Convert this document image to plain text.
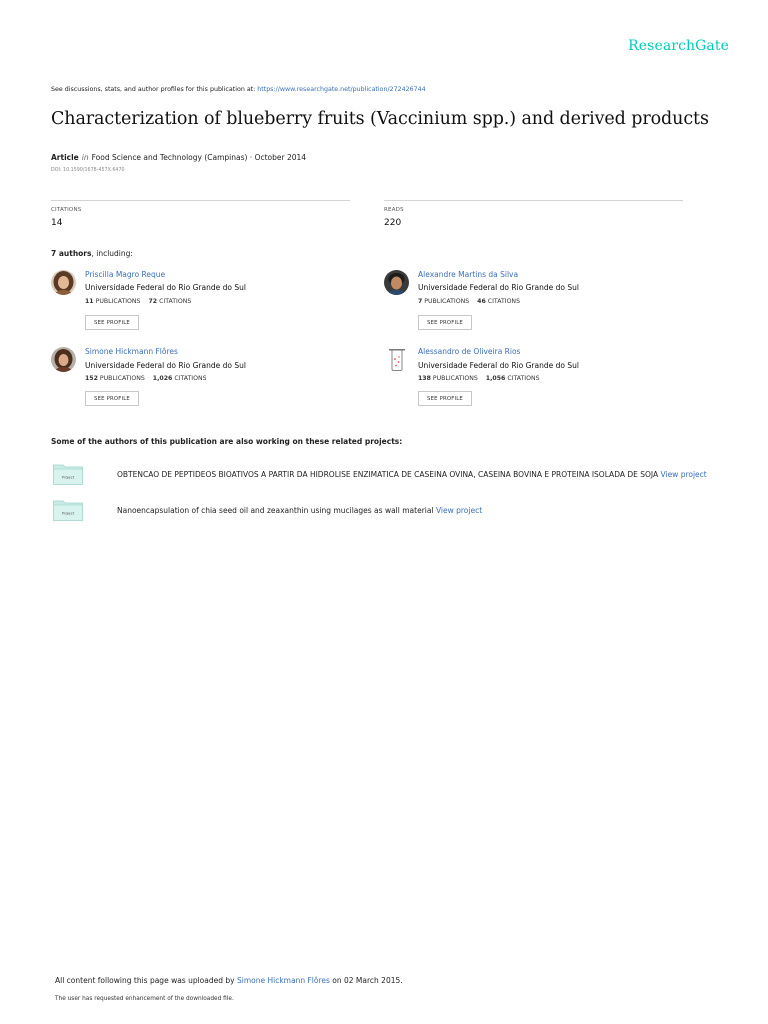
ResearchGate
See discussions, stats, and author profiles for this publication at: https://www.researchgate.net/publication/272426744
Characterization of blueberry fruits (Vaccinium spp.) and derived products
Article in Food Science and Technology (Campinas) · October 2014
DOI: 10.1590/1678-457X.6470
CITATIONS
14
READS
220
7 authors, including:
Priscilla Magro Reque
Universidade Federal do Rio Grande do Sul
11 PUBLICATIONS 72 CITATIONS
SEE PROFILE
Alexandre Martins da Silva
Universidade Federal do Rio Grande do Sul
7 PUBLICATIONS 46 CITATIONS
SEE PROFILE
Simone Hickmann Flôres
Universidade Federal do Rio Grande do Sul
152 PUBLICATIONS 1,026 CITATIONS
SEE PROFILE
Alessandro de Oliveira Rios
Universidade Federal do Rio Grande do Sul
138 PUBLICATIONS 1,056 CITATIONS
SEE PROFILE
Some of the authors of this publication are also working on these related projects:
Project	OBTENCAO DE PEPTIDEOS BIOATIVOS A PARTIR DA HIDROLISE ENZIMATICA DE CASEINA OVINA, CASEINA BOVINA E PROTEINA ISOLADA DE SOJA View project
Project	Nanoencapsulation of chia seed oil and zeaxanthin using mucilages as wall material View project
All content following this page was uploaded by Simone Hickmann Flôres on 02 March 2015.
The user has requested enhancement of the downloaded file.
